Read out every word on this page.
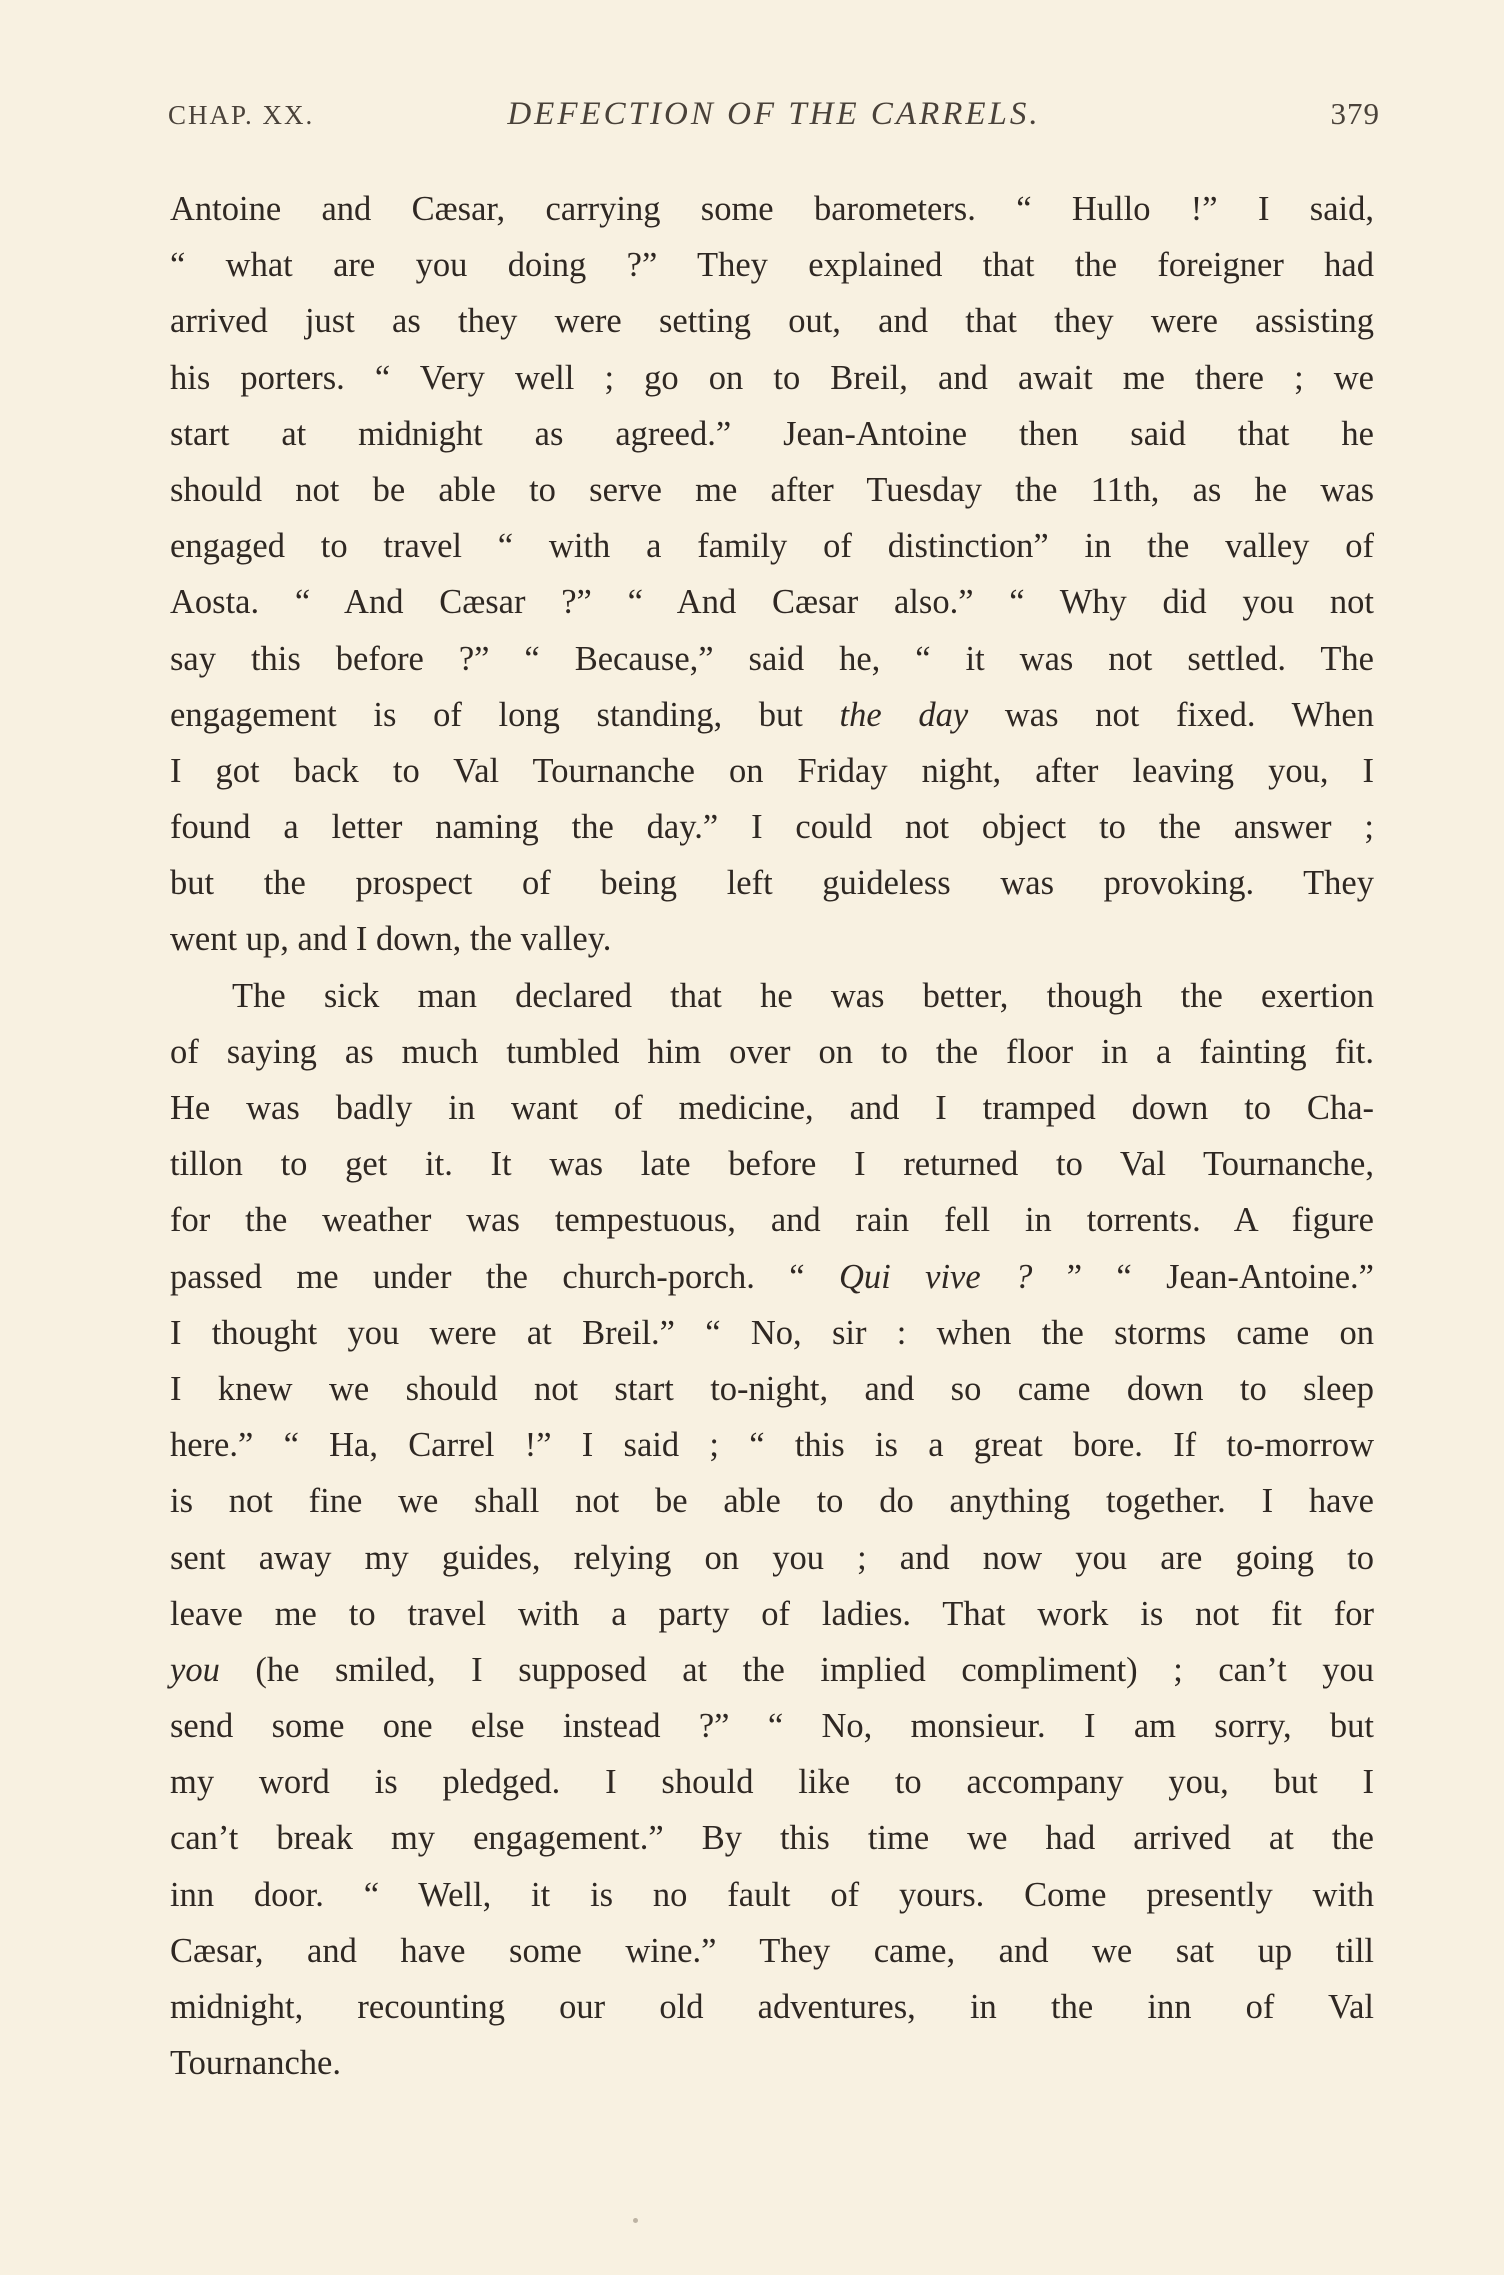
CHAP. XX.	DEFECTION OF THE CARRELS.	379
Antoine and Cæsar, carrying some barometers. “ Hullo !” I said,
“ what are you doing ?” They explained that the foreigner had
arrived just as they were setting out, and that they were assisting
his porters. “ Very well ; go on to Breil, and await me there ; we
start at midnight as agreed.” Jean-Antoine then said that he
should not be able to serve me after Tuesday the 11th, as he was
engaged to travel “ with a family of distinction” in the valley of
Aosta. “ And Cæsar ?” “ And Cæsar also.” “ Why did you not
say this before ?” “ Because,” said he, “ it was not settled. The
engagement is of long standing, but the day was not fixed. When
I got back to Val Tournanche on Friday night, after leaving you, I
found a letter naming the day.” I could not object to the answer ;
but the prospect of being left guideless was provoking. They
went up, and I down, the valley.
The sick man declared that he was better, though the exertion
of saying as much tumbled him over on to the floor in a fainting fit.
He was badly in want of medicine, and I tramped down to Cha-
tillon to get it. It was late before I returned to Val Tournanche,
for the weather was tempestuous, and rain fell in torrents. A figure
passed me under the church-porch. “ Qui vive ? ” “ Jean-Antoine.”
I thought you were at Breil.” “ No, sir : when the storms came on
I knew we should not start to-night, and so came down to sleep
here.” “ Ha, Carrel !” I said ; “ this is a great bore. If to-morrow
is not fine we shall not be able to do anything together. I have
sent away my guides, relying on you ; and now you are going to
leave me to travel with a party of ladies. That work is not fit for
you (he smiled, I supposed at the implied compliment) ; can’t you
send some one else instead ?” “ No, monsieur. I am sorry, but
my word is pledged. I should like to accompany you, but I
can’t break my engagement.” By this time we had arrived at the
inn door. “ Well, it is no fault of yours. Come presently with
Cæsar, and have some wine.” They came, and we sat up till
midnight, recounting our old adventures, in the inn of Val
Tournanche.
